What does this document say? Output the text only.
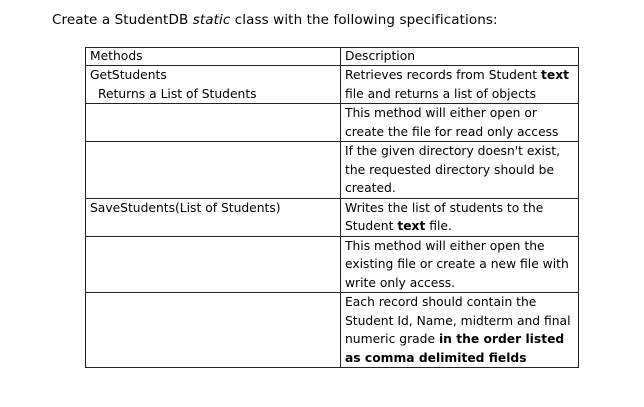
Create a StudentDB static class with the following specifications:
Methods	Description
GetStudents
Returns a List of Students	Retrieves records from Student text file and returns a list of objects
	This method will either open or create the file for read only access
	If the given directory doesn't exist, the requested directory should be created.
SaveStudents(List of Students)	Writes the list of students to the Student text file.
	This method will either open the existing file or create a new file with write only access.
	Each record should contain the Student Id, Name, midterm and final numeric grade in the order listed as comma delimited fields
